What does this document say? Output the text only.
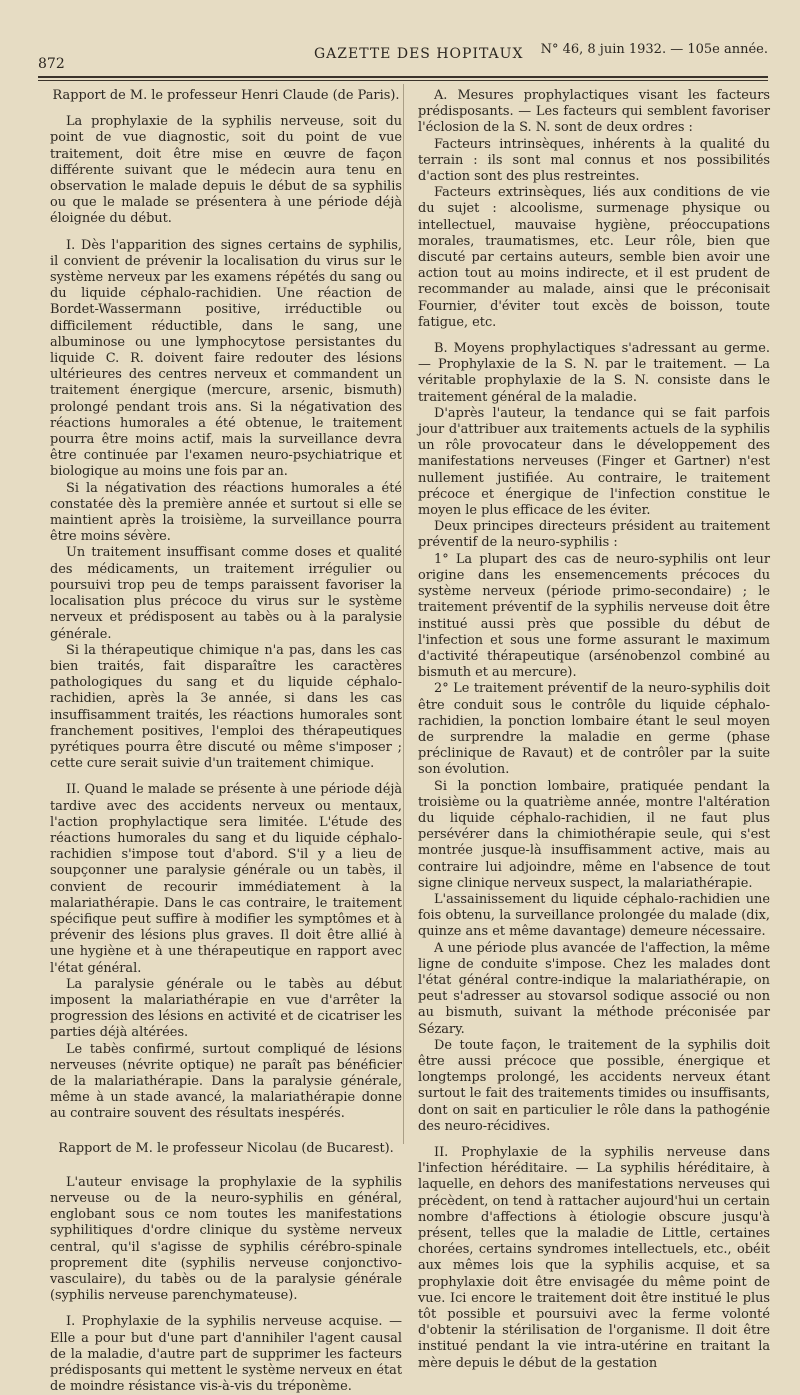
872
GAZETTE DES HOPITAUX N° 46, 8 juin 1932. — 105e année.

Rapport de M. le professeur Henri Claude (de Paris).

La prophylaxie de la syphilis nerveuse, soit du point de vue diagnostic, soit du point de vue traitement, doit être mise en œuvre de façon différente suivant que le médecin aura tenu en observation le malade depuis le début de sa syphilis ou que le malade se présentera à une période déjà éloignée du début.

I. Dès l'apparition des signes certains de syphilis, il convient de prévenir la localisation du virus sur le système nerveux par les examens répétés du sang ou du liquide céphalo-rachidien. Une réaction de Bordet-Wassermann positive, irréductible ou difficilement réductible, dans le sang, une albuminose ou une lymphocytose persistantes du liquide C. R. doivent faire redouter des lésions ultérieures des centres nerveux et commandent un traitement énergique (mercure, arsenic, bismuth) prolongé pendant trois ans. Si la négativation des réactions humorales a été obtenue, le traitement pourra être moins actif, mais la surveillance devra être continuée par l'examen neuro-psychiatrique et biologique au moins une fois par an.

Si la négativation des réactions humorales a été constatée dès la première année et surtout si elle se maintient après la troisième, la surveillance pourra être moins sévère.

Un traitement insuffisant comme doses et qualité des médicaments, un traitement irrégulier ou poursuivi trop peu de temps paraissent favoriser la localisation plus précoce du virus sur le système nerveux et prédisposent au tabès ou à la paralysie générale.

Si la thérapeutique chimique n'a pas, dans les cas bien traités, fait disparaître les caractères pathologiques du sang et du liquide céphalo-rachidien, après la 3e année, si dans les cas insuffisamment traités, les réactions humorales sont franchement positives, l'emploi des thérapeutiques pyrétiques pourra être discuté ou même s'imposer ; cette cure serait suivie d'un traitement chimique.

II. Quand le malade se présente à une période déjà tardive avec des accidents nerveux ou mentaux, l'action prophylactique sera limitée. L'étude des réactions humorales du sang et du liquide céphalo-rachidien s'impose tout d'abord. S'il y a lieu de soupçonner une paralysie générale ou un tabès, il convient de recourir immédiatement à la malariathérapie. Dans le cas contraire, le traitement spécifique peut suffire à modifier les symptômes et à prévenir des lésions plus graves. Il doit être allié à une hygiène et à une thérapeutique en rapport avec l'état général.

La paralysie générale ou le tabès au début imposent la malariathérapie en vue d'arrêter la progression des lésions en activité et de cicatriser les parties déjà altérées.

Le tabès confirmé, surtout compliqué de lésions nerveuses (névrite optique) ne paraît pas bénéficier de la malariathérapie. Dans la paralysie générale, même à un stade avancé, la malariathérapie donne au contraire souvent des résultats inespérés.

Rapport de M. le professeur Nicolau (de Bucarest).

L'auteur envisage la prophylaxie de la syphilis nerveuse ou de la neuro-syphilis en général, englobant sous ce nom toutes les manifestations syphilitiques d'ordre clinique du système nerveux central, qu'il s'agisse de syphilis cérébro-spinale proprement dite (syphilis nerveuse conjonctivo-vasculaire), du tabès ou de la paralysie générale (syphilis nerveuse parenchymateuse).

I. Prophylaxie de la syphilis nerveuse acquise. — Elle a pour but d'une part d'annihiler l'agent causal de la maladie, d'autre part de supprimer les facteurs prédisposants qui mettent le système nerveux en état de moindre résistance vis-à-vis du tréponème.

A. Mesures prophylactiques visant les facteurs prédisposants. — Les facteurs qui semblent favoriser l'éclosion de la S. N. sont de deux ordres :

Facteurs intrinsèques, inhérents à la qualité du terrain : ils sont mal connus et nos possibilités d'action sont des plus restreintes.

Facteurs extrinsèques, liés aux conditions de vie du sujet : alcoolisme, surmenage physique ou intellectuel, mauvaise hygiène, préoccupations morales, traumatismes, etc. Leur rôle, bien que discuté par certains auteurs, semble bien avoir une action tout au moins indirecte, et il est prudent de recommander au malade, ainsi que le préconisait Fournier, d'éviter tout excès de boisson, toute fatigue, etc.

B. Moyens prophylactiques s'adressant au germe. — Prophylaxie de la S. N. par le traitement. — La véritable prophylaxie de la S. N. consiste dans le traitement général de la maladie.

D'après l'auteur, la tendance qui se fait parfois jour d'attribuer aux traitements actuels de la syphilis un rôle provocateur dans le développement des manifestations nerveuses (Finger et Gartner) n'est nullement justifiée. Au contraire, le traitement précoce et énergique de l'infection constitue le moyen le plus efficace de les éviter.

Deux principes directeurs président au traitement préventif de la neuro-syphilis :

1° La plupart des cas de neuro-syphilis ont leur origine dans les ensemencements précoces du système nerveux (période primo-secondaire) ; le traitement préventif de la syphilis nerveuse doit être institué aussi près que possible du début de l'infection et sous une forme assurant le maximum d'activité thérapeutique (arsénobenzol combiné au bismuth et au mercure).

2° Le traitement préventif de la neuro-syphilis doit être conduit sous le contrôle du liquide céphalo-rachidien, la ponction lombaire étant le seul moyen de surprendre la maladie en germe (phase préclinique de Ravaut) et de contrôler par la suite son évolution.

Si la ponction lombaire, pratiquée pendant la troisième ou la quatrième année, montre l'altération du liquide céphalo-rachidien, il ne faut plus persévérer dans la chimiothérapie seule, qui s'est montrée jusque-là insuffisamment active, mais au contraire lui adjoindre, même en l'absence de tout signe clinique nerveux suspect, la malariathérapie.

L'assainissement du liquide céphalo-rachidien une fois obtenu, la surveillance prolongée du malade (dix, quinze ans et même davantage) demeure nécessaire.

A une période plus avancée de l'affection, la même ligne de conduite s'impose. Chez les malades dont l'état général contre-indique la malariathérapie, on peut s'adresser au stovarsol sodique associé ou non au bismuth, suivant la méthode préconisée par Sézary.

De toute façon, le traitement de la syphilis doit être aussi précoce que possible, énergique et longtemps prolongé, les accidents nerveux étant surtout le fait des traitements timides ou insuffisants, dont on sait en particulier le rôle dans la pathogénie des neuro-récidives.

II. Prophylaxie de la syphilis nerveuse dans l'infection héréditaire. — La syphilis héréditaire, à laquelle, en dehors des manifestations nerveuses qui précèdent, on tend à rattacher aujourd'hui un certain nombre d'affections à étiologie obscure jusqu'à présent, telles que la maladie de Little, certaines chorées, certains syndromes intellectuels, etc., obéit aux mêmes lois que la syphilis acquise, et sa prophylaxie doit être envisagée du même point de vue. Ici encore le traitement doit être institué le plus tôt possible et poursuivi avec la ferme volonté d'obtenir la stérilisation de l'organisme. Il doit être institué pendant la vie intra-utérine en traitant la mère depuis le début de la gestation
